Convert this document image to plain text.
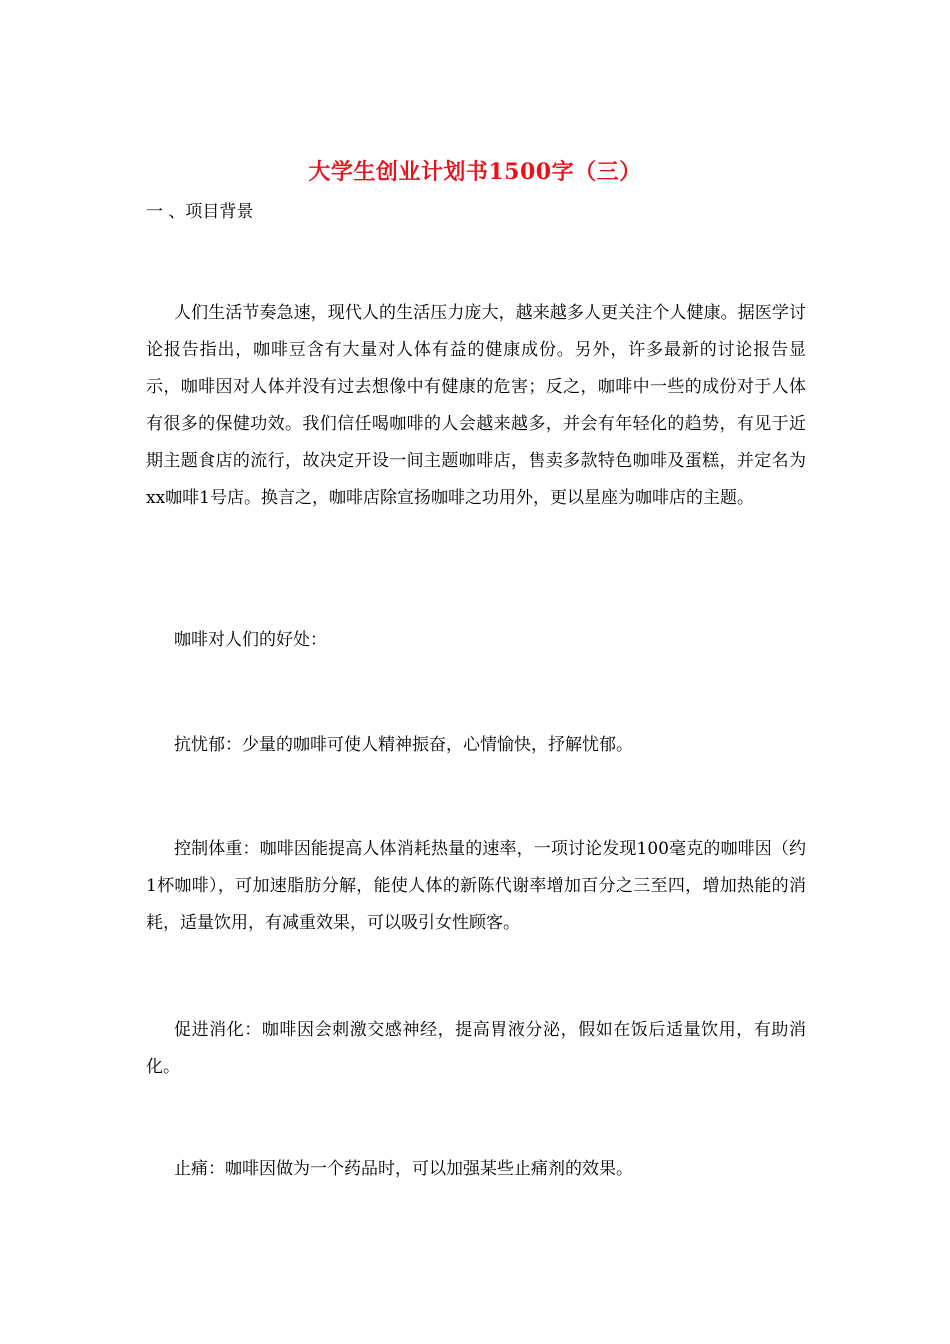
大学生创业计划书1500字（三）
一 、项目背景

人们生活节奏急速，现代人的生活压力庞大，越来越多人更关注个人健康。据医学讨论报告指出，咖啡豆含有大量对人体有益的健康成份。另外，许多最新的讨论报告显示，咖啡因对人体并没有过去想像中有健康的危害；反之，咖啡中一些的成份对于人体有很多的保健功效。我们信任喝咖啡的人会越来越多，并会有年轻化的趋势，有见于近期主题食店的流行，故决定开设一间主题咖啡店，售卖多款特色咖啡及蛋糕，并定名为xx咖啡1号店。换言之，咖啡店除宣扬咖啡之功用外，更以星座为咖啡店的主题。

咖啡对人们的好处：

抗忧郁：少量的咖啡可使人精神振奋，心情愉快，抒解忧郁。

控制体重：咖啡因能提高人体消耗热量的速率，一项讨论发现100毫克的咖啡因（约1杯咖啡），可加速脂肪分解，能使人体的新陈代谢率增加百分之三至四，增加热能的消耗，适量饮用，有减重效果，可以吸引女性顾客。

促进消化：咖啡因会刺激交感神经，提高胃液分泌，假如在饭后适量饮用，有助消化。

止痛：咖啡因做为一个药品时，可以加强某些止痛剂的效果。
